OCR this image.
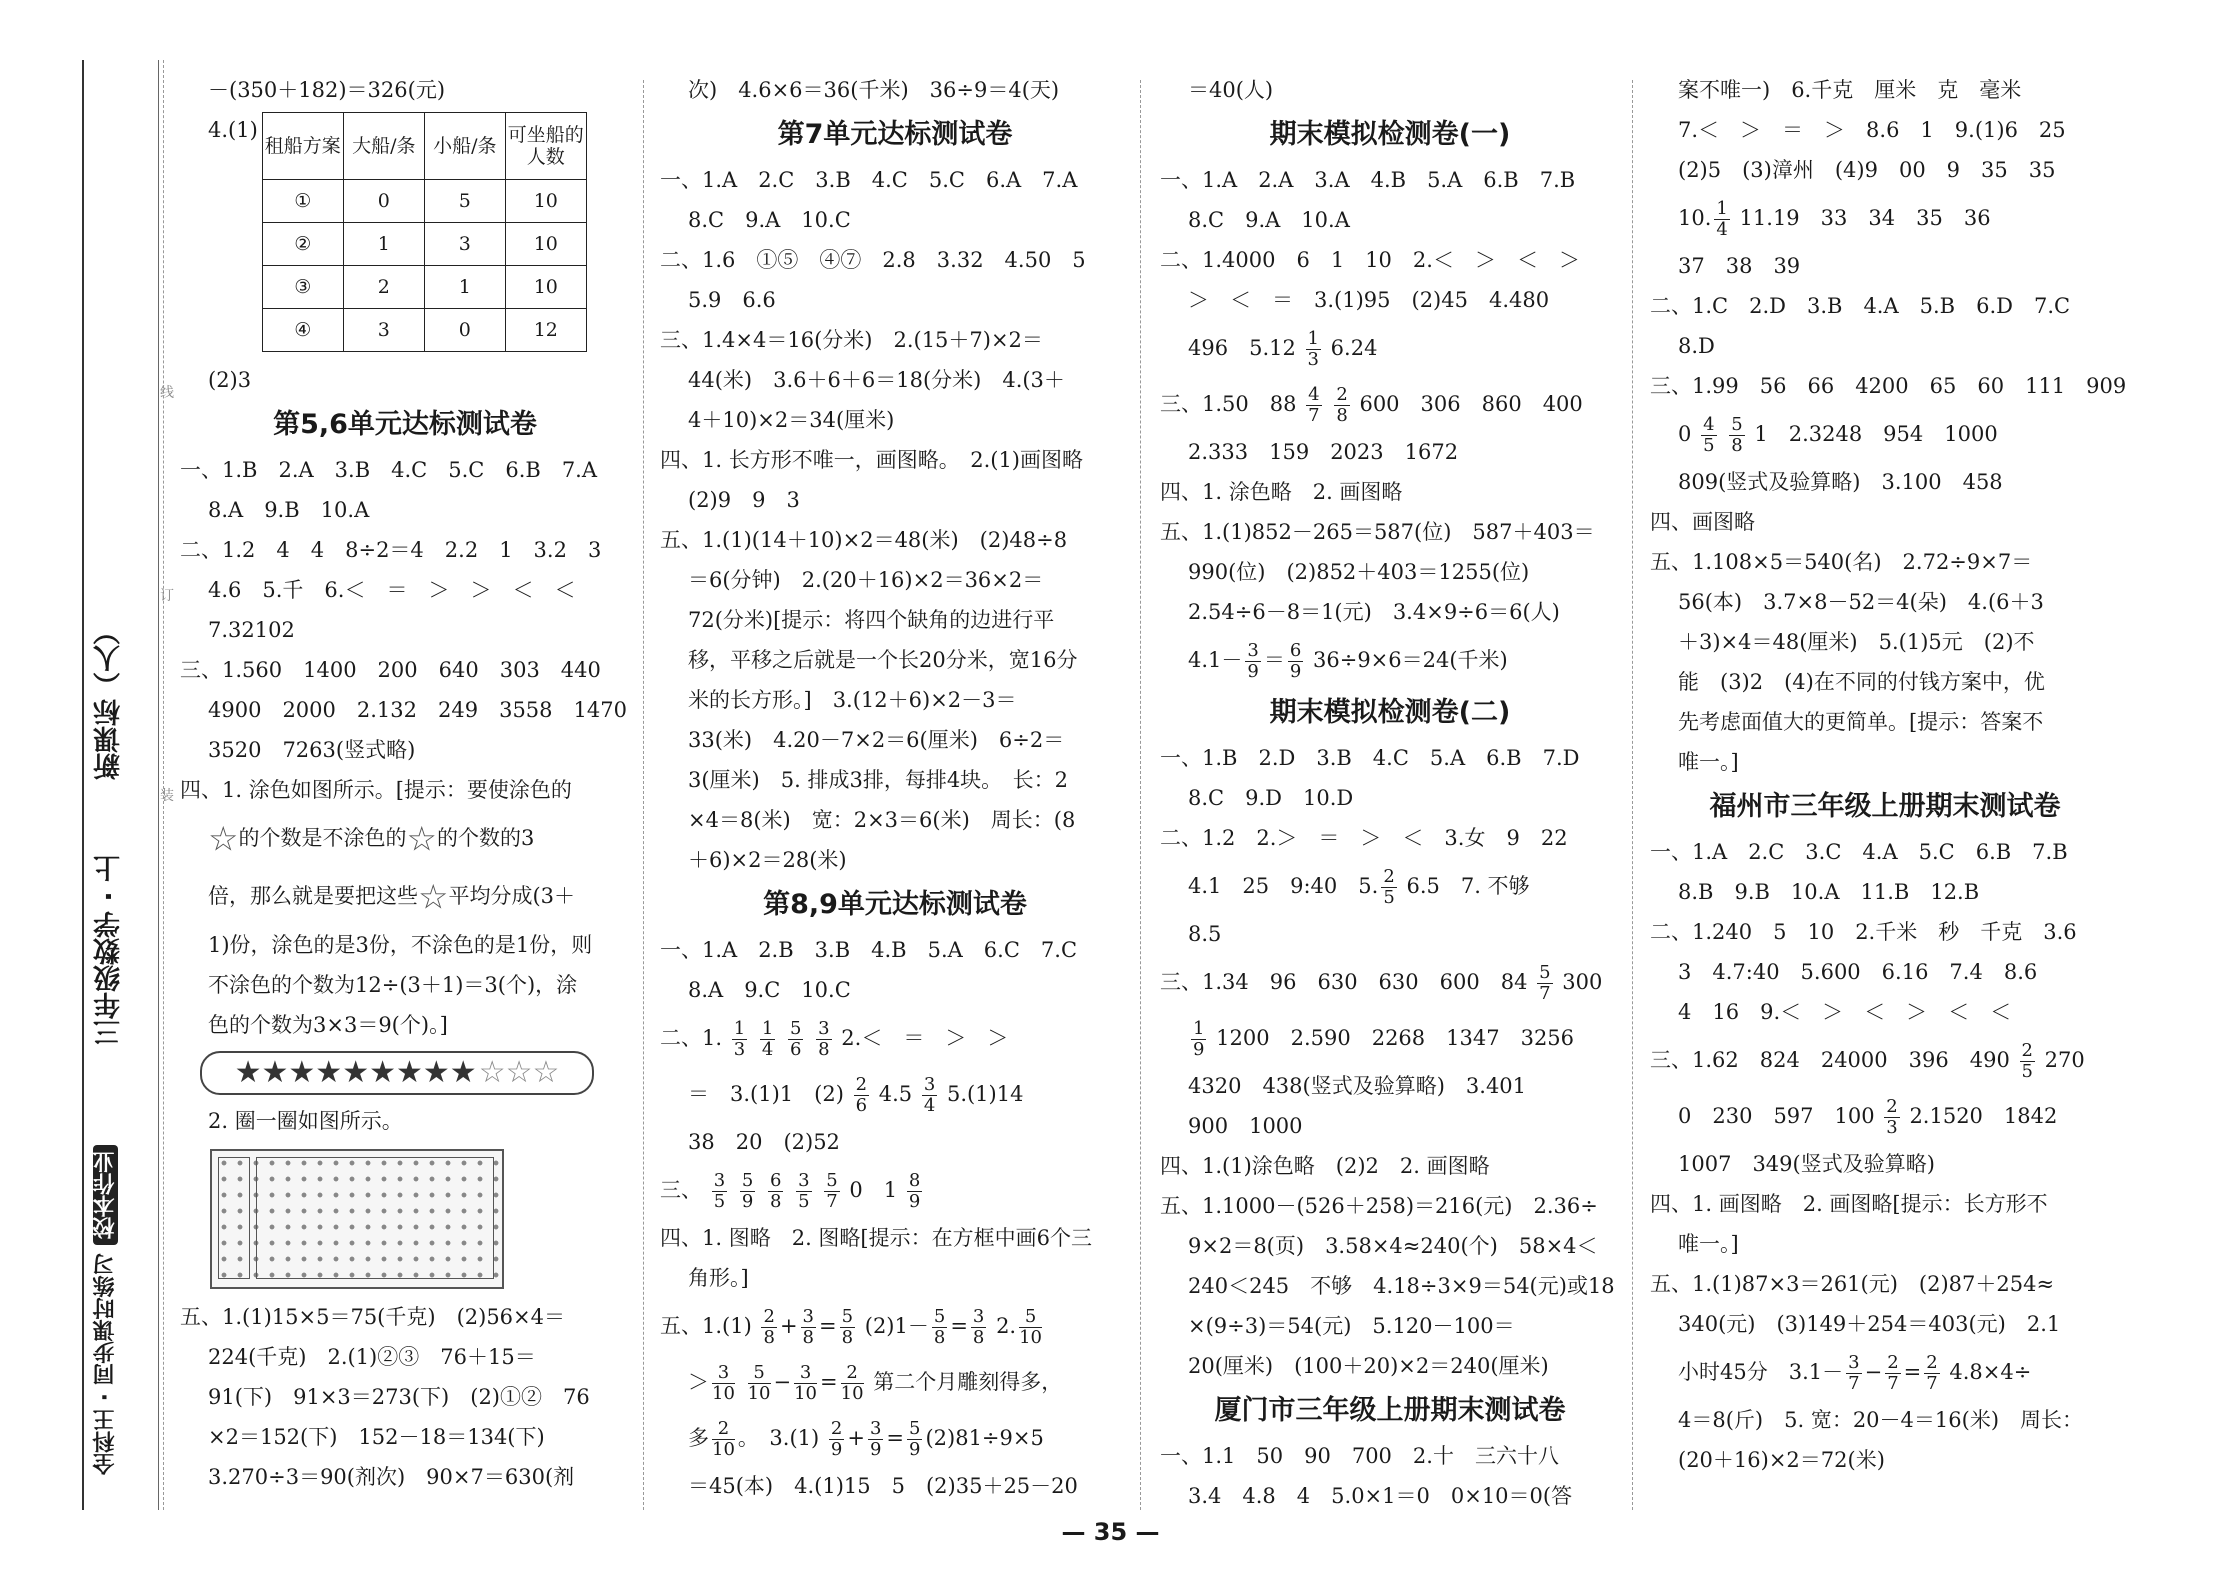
全科王 · 同步课时练习 校本作业
三年级数学 · 上
新课标（人）
线
订
装
－(350＋182)＝326(元)
4.(1)
租船方案	大船/条	小船/条	可坐船的人数
①	0	5	10
②	1	3	10
③	2	1	10
④	3	0	12
(2)3
第5,6单元达标测试卷
一、1.B　2.A　3.B　4.C　5.C　6.B　7.A
8.A　9.B　10.A
二、1.2　4　4　8÷2＝4　2.2　1　3.2　3
4.6　5.千　6.＜　＝　＞　＞　＜　＜
7.32102
三、1.560　1400　200　640　303　440
4900　2000　2.132　249　3558　1470
3520　7263(竖式略)
四、1. 涂色如图所示。[提示：要使涂色的
☆的个数是不涂色的☆的个数的3
倍，那么就是要把这些☆平均分成(3＋
1)份，涂色的是3份，不涂色的是1份，则
不涂色的个数为12÷(3＋1)＝3(个)，涂
色的个数为3×3＝9(个)。]
★★★★★★★★★ ☆☆☆
2. 圈一圈如图所示。
五、1.(1)15×5＝75(千克)　(2)56×4＝
224(千克)　2.(1)②③　76＋15＝
91(下)　91×3＝273(下)　(2)①②　76
×2＝152(下)　152－18＝134(下)
3.270÷3＝90(剂次)　90×7＝630(剂
次)　4.6×6＝36(千米)　36÷9＝4(天)
第7单元达标测试卷
一、1.A　2.C　3.B　4.C　5.C　6.A　7.A
8.C　9.A　10.C
二、1.6　①⑤　④⑦　2.8　3.32　4.50　5
5.9　6.6
三、1.4×4＝16(分米)　2.(15＋7)×2＝
44(米)　3.6＋6＋6＝18(分米)　4.(3＋
4＋10)×2＝34(厘米)
四、1. 长方形不唯一，画图略。　2.(1)画图略
(2)9　9　3
五、1.(1)(14＋10)×2＝48(米)　(2)48÷8
＝6(分钟)　2.(20＋16)×2＝36×2＝
72(分米)[提示：将四个缺角的边进行平
移，平移之后就是一个长20分米，宽16分
米的长方形。]　3.(12＋6)×2－3＝
33(米)　4.20－7×2＝6(厘米)　6÷2＝
3(厘米)　5. 排成3排，每排4块。　长：2
×4＝8(米)　宽：2×3＝6(米)　周长：(8
＋6)×2＝28(米)
第8,9单元达标测试卷
一、1.A　2.B　3.B　4.B　5.A　6.C　7.C
8.A　9.C　10.C
二、1. $\frac{1}{3}$
$\frac{1}{4}$
$\frac{5}{6}$
$\frac{3}{8} 2.<$　＝　＞　＞
＝　3.(1)1　$(2) \frac{2}{6} 4.5 \frac{3}{4} 5.(1)14$
38　20　(2)52
三、 $\frac{3}{5}$
$\frac{5}{9}$
$\frac{6}{8}$
$\frac{3}{5}$
$\frac{5}{7} 0$　$1 \frac{8}{9}$
四、1. 图略　2. 图略[提示：在方框中画6个三
角形。]
五、$1.(1) \frac{2}{8} + \frac{3}{8} = \frac{5}{8} (2)1- \frac{5}{8} = \frac{3}{8} 2$. $\frac{5}{10}$
＞ $\frac{3}{10}$
$\frac{5}{10} - \frac{3}{10} = \frac{2}{10}$ 第二个月雕刻得多，
多 $\frac{2}{10}$ 。　$3.(1) \frac{2}{9} + \frac{3}{9} = \frac{5}{9} (2)81\div 9\times 5$
＝45(本)　4.(1)15　5　(2)35＋25－20
＝40(人)
期末模拟检测卷(一)
一、1.A　2.A　3.A　4.B　5.A　6.B　7.B
8.C　9.A　10.A
二、1.4000　6　1　10　2.＜　＞　＜　＞
＞　＜　＝　3.(1)95　(2)45　4.480
496　$5.12 \frac{1}{3} 6.24$
三、1.50　$88 \frac{4}{7}$
$\frac{2}{8} 600$　306　860　400
2.333　159　2023　1672
四、1. 涂色略　2. 画图略
五、1.(1)852－265＝587(位)　587＋403＝
990(位)　(2)852＋403＝1255(位)
2.54÷6－8＝1(元)　3.4×9÷6＝6(人)
$4.1- \frac{3}{9} = \frac{6}{9} 36\div 9\times 6=24$(千米)
期末模拟检测卷(二)
一、1.B　2.D　3.B　4.C　5.A　6.B　7.D
8.C　9.D　10.D
二、1.2　2.＞　＝　＞　＜　3.女　9　22
4.1　25　9:40　5. $\frac{2}{5} 6.5$　7. 不够
8.5
三、1.34　96　630　630　600　$84 \frac{5}{7} 300$
$\frac{1}{9} 1200$　2.590　2268　1347　3256
4320　438(竖式及验算略)　3.401
900　1000
四、1.(1)涂色略　(2)2　2. 画图略
五、1.1000－(526＋258)＝216(元)　2.36÷
9×2＝8(页)　3.58×4≈240(个)　58×4＜
240＜245　不够　4.18÷3×9＝54(元)或18
×(9÷3)＝54(元)　5.120－100＝
20(厘米)　(100＋20)×2＝240(厘米)
厦门市三年级上册期末测试卷
一、1.1　50　90　700　2.十　三六十八
3.4　4.8　4　5.0×1＝0　0×10＝0(答
案不唯一)　6.千克　厘米　克　毫米
7.＜　＞　＝　＞　8.6　1　9.(1)6　25
(2)5　(3)漳州　(4)9　00　9　35　35
10. $\frac{1}{4} 11.19$　33　34　35　36
37　38　39
二、1.C　2.D　3.B　4.A　5.B　6.D　7.C
8.D
三、1.99　56　66　4200　65　60　111　909
$0 \frac{4}{5}$
$\frac{5}{8} 1$　2.3248　954　1000
809(竖式及验算略)　3.100　458
四、画图略
五、1.108×5＝540(名)　2.72÷9×7＝
56(本)　3.7×8－52＝4(朵)　4.(6＋3
＋3)×4＝48(厘米)　5.(1)5元　(2)不
能　(3)2　(4)在不同的付钱方案中，优
先考虑面值大的更简单。[提示：答案不
唯一。]
福州市三年级上册期末测试卷
一、1.A　2.C　3.C　4.A　5.C　6.B　7.B
8.B　9.B　10.A　11.B　12.B
二、1.240　5　10　2.千米　秒　千克　3.6
3　4.7:40　5.600　6.16　7.4　8.6
4　16　9.＜　＞　＜　＞　＜　＜
三、1.62　824　24000　396　$490 \frac{2}{5} 270$
0　230　597　$100 \frac{2}{3} 2.1520$　1842
1007　349(竖式及验算略)
四、1. 画图略　2. 画图略[提示：长方形不
唯一。]
五、1.(1)87×3＝261(元)　(2)87＋254≈
340(元)　(3)149＋254＝403(元)　2.1
小时45分　$3.1- \frac{3}{7} - \frac{2}{7} = \frac{2}{7} 4.8\times 4\div$
4＝8(斤)　5. 宽：20－4＝16(米)　周长：
(20＋16)×2＝72(米)
— 35 —
